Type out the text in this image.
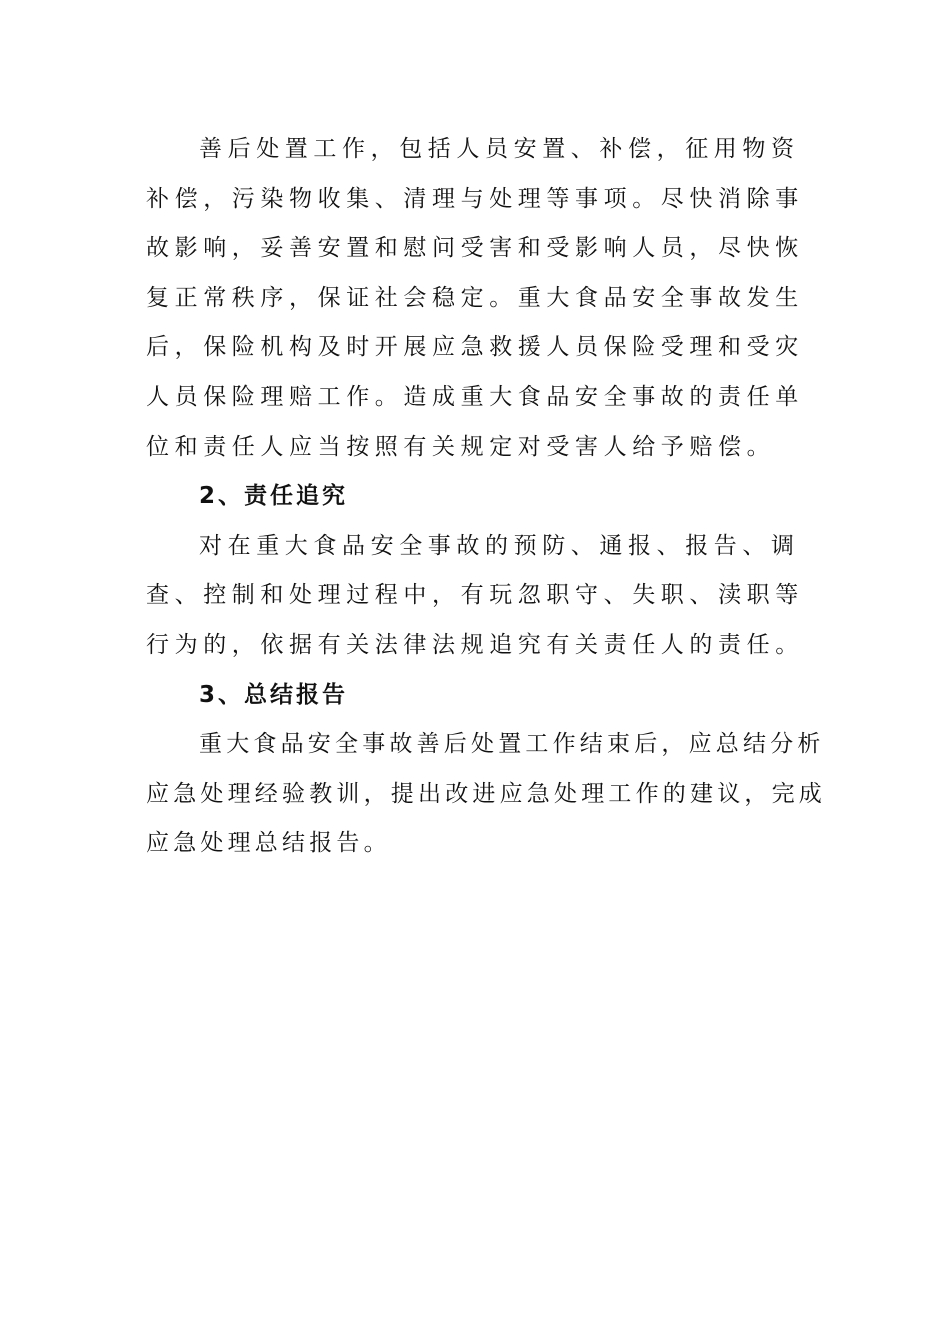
善后处置工作，包括人员安置、补偿，征用物资补偿，污染物收集、清理与处理等事项。尽快消除事故影响，妥善安置和慰问受害和受影响人员，尽快恢复正常秩序，保证社会稳定。重大食品安全事故发生后，保险机构及时开展应急救援人员保险受理和受灾人员保险理赔工作。造成重大食品安全事故的责任单位和责任人应当按照有关规定对受害人给予赔偿。

2、责任追究

对在重大食品安全事故的预防、通报、报告、调查、控制和处理过程中，有玩忽职守、失职、渎职等行为的，依据有关法律法规追究有关责任人的责任。

3、总结报告

重大食品安全事故善后处置工作结束后，应总结分析应急处理经验教训，提出改进应急处理工作的建议，完成应急处理总结报告。
